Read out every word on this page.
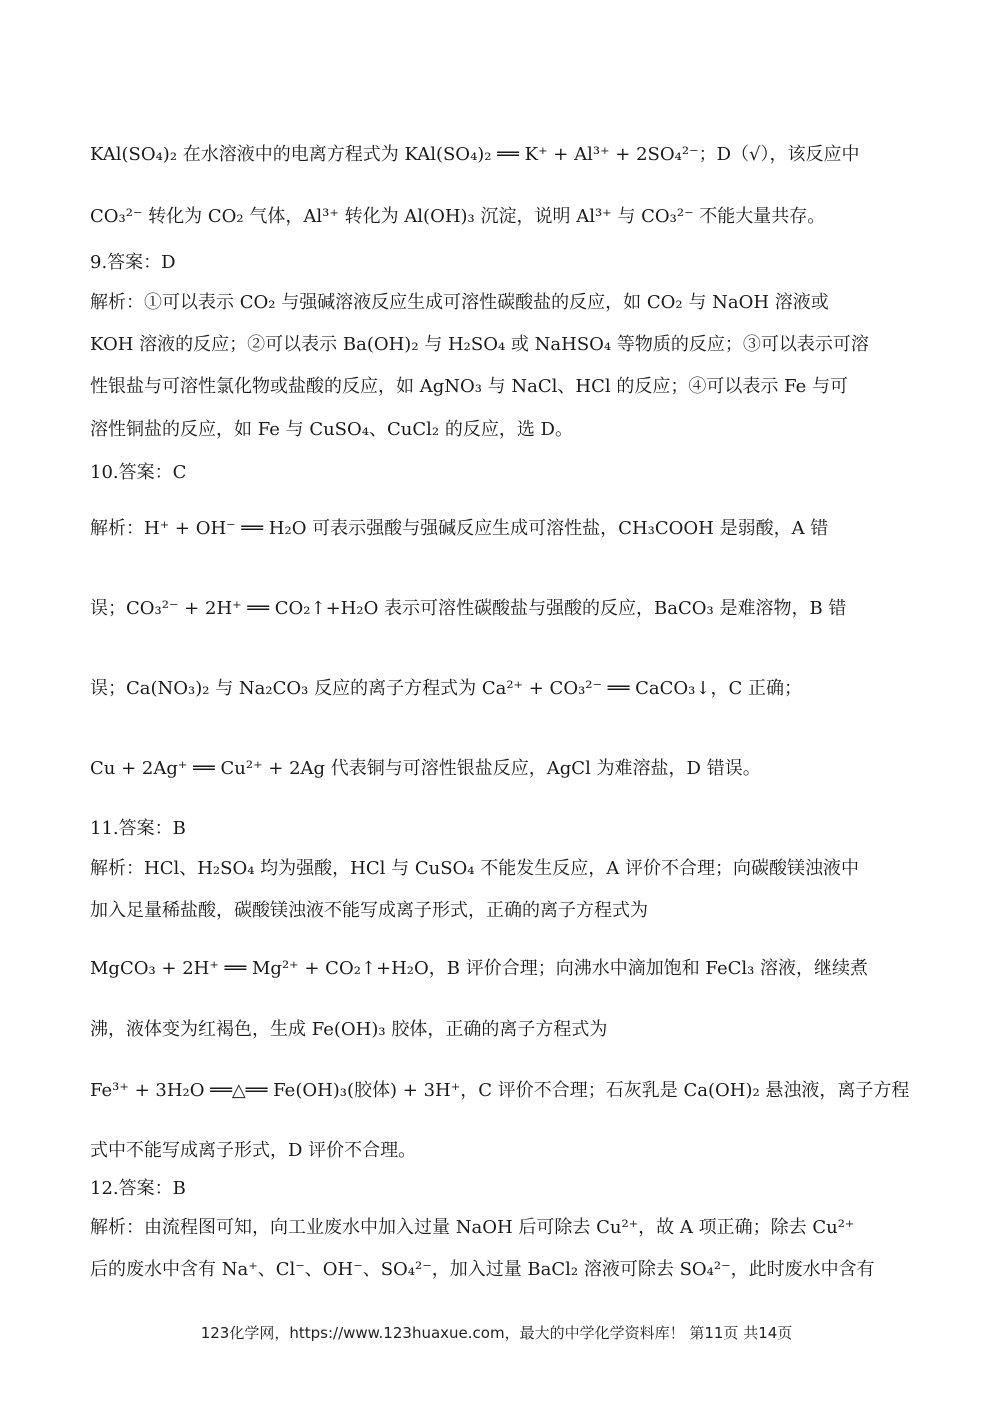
KAl(SO₄)₂ 在水溶液中的电离方程式为 KAl(SO₄)₂ ══ K⁺ + Al³⁺ + 2SO₄²⁻；D（√），该反应中
CO₃²⁻ 转化为 CO₂ 气体，Al³⁺ 转化为 Al(OH)₃ 沉淀，说明 Al³⁺ 与 CO₃²⁻ 不能大量共存。
9.答案：D
解析：①可以表示 CO₂ 与强碱溶液反应生成可溶性碳酸盐的反应，如 CO₂ 与 NaOH 溶液或
KOH 溶液的反应；②可以表示 Ba(OH)₂ 与 H₂SO₄ 或 NaHSO₄ 等物质的反应；③可以表示可溶
性银盐与可溶性氯化物或盐酸的反应，如 AgNO₃ 与 NaCl、HCl 的反应；④可以表示 Fe 与可
溶性铜盐的反应，如 Fe 与 CuSO₄、CuCl₂ 的反应，选 D。
10.答案：C
解析：H⁺ + OH⁻ ══ H₂O 可表示强酸与强碱反应生成可溶性盐，CH₃COOH 是弱酸，A 错
误；CO₃²⁻ + 2H⁺ ══ CO₂↑+H₂O 表示可溶性碳酸盐与强酸的反应，BaCO₃ 是难溶物，B 错
误；Ca(NO₃)₂ 与 Na₂CO₃ 反应的离子方程式为 Ca²⁺ + CO₃²⁻ ══ CaCO₃↓，C 正确；
Cu + 2Ag⁺ ══ Cu²⁺ + 2Ag 代表铜与可溶性银盐反应，AgCl 为难溶盐，D 错误。
11.答案：B
解析：HCl、H₂SO₄ 均为强酸，HCl 与 CuSO₄ 不能发生反应，A 评价不合理；向碳酸镁浊液中
加入足量稀盐酸，碳酸镁浊液不能写成离子形式，正确的离子方程式为
MgCO₃ + 2H⁺ ══ Mg²⁺ + CO₂↑+H₂O，B 评价合理；向沸水中滴加饱和 FeCl₃ 溶液，继续煮
沸，液体变为红褐色，生成 Fe(OH)₃ 胶体，正确的离子方程式为
Fe³⁺ + 3H₂O ══△══ Fe(OH)₃(胶体) + 3H⁺，C 评价不合理；石灰乳是 Ca(OH)₂ 悬浊液，离子方程
式中不能写成离子形式，D 评价不合理。
12.答案：B
解析：由流程图可知，向工业废水中加入过量 NaOH 后可除去 Cu²⁺，故 A 项正确；除去 Cu²⁺
后的废水中含有 Na⁺、Cl⁻、OH⁻、SO₄²⁻，加入过量 BaCl₂ 溶液可除去 SO₄²⁻，此时废水中含有
123化学网，https://www.123huaxue.com，最大的中学化学资料库！ 第11页 共14页
